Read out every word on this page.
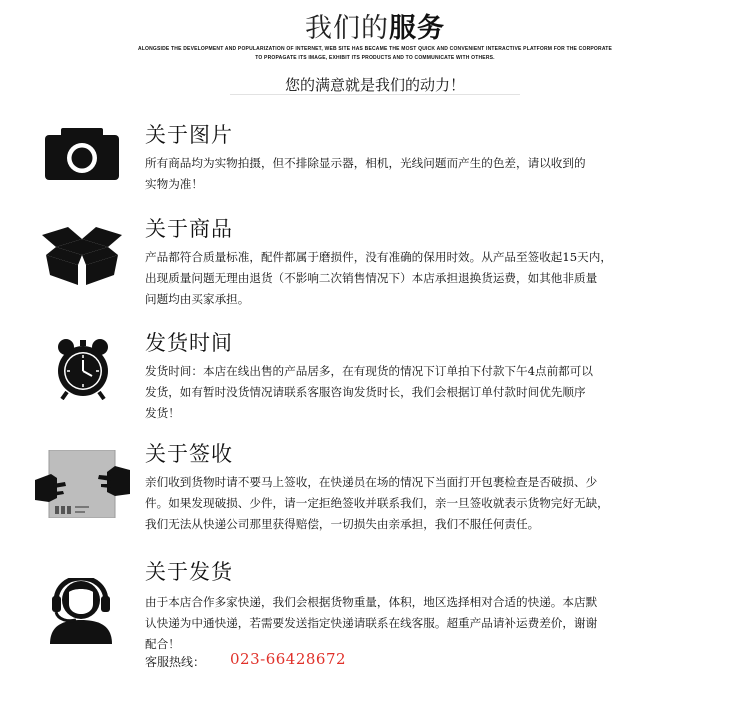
我们的服务
ALONGSIDE THE DEVELOPMENT AND POPULARIZATION OF INTERNET, WEB SITE HAS BECAME THE MOST QUICK AND CONVENIENT INTERACTIVE PLATFORM FOR THE CORPORATE
TO PROPAGATE ITS IMAGE, EXHIBIT ITS PRODUCTS AND TO COMMUNICATE WITH OTHERS.
您的满意就是我们的动力！
关于图片
所有商品均为实物拍摄，但不排除显示器，相机，光线问题而产生的色差，请以收到的
实物为准！
关于商品
产品都符合质量标准，配件都属于磨损件，没有准确的保用时效。从产品至签收起15天内，
出现质量问题无理由退货（不影响二次销售情况下）本店承担退换货运费，如其他非质量
问题均由买家承担。
发货时间
发货时间：本店在线出售的产品居多，在有现货的情况下订单拍下付款下午4点前都可以
发货，如有暂时没货情况请联系客服咨询发货时长，我们会根据订单付款时间优先顺序
发货！
关于签收
亲们收到货物时请不要马上签收，在快递员在场的情况下当面打开包裹检查是否破损、少
件。如果发现破损、少件，请一定拒绝签收并联系我们，亲一旦签收就表示货物完好无缺，
我们无法从快递公司那里获得赔偿，一切损失由亲承担，我们不服任何责任。
关于发货
由于本店合作多家快递，我们会根据货物重量，体积，地区选择相对合适的快递。本店默
认快递为中通快递，若需要发送指定快递请联系在线客服。超重产品请补运费差价，谢谢
配合！
客服热线： 023-66428672
